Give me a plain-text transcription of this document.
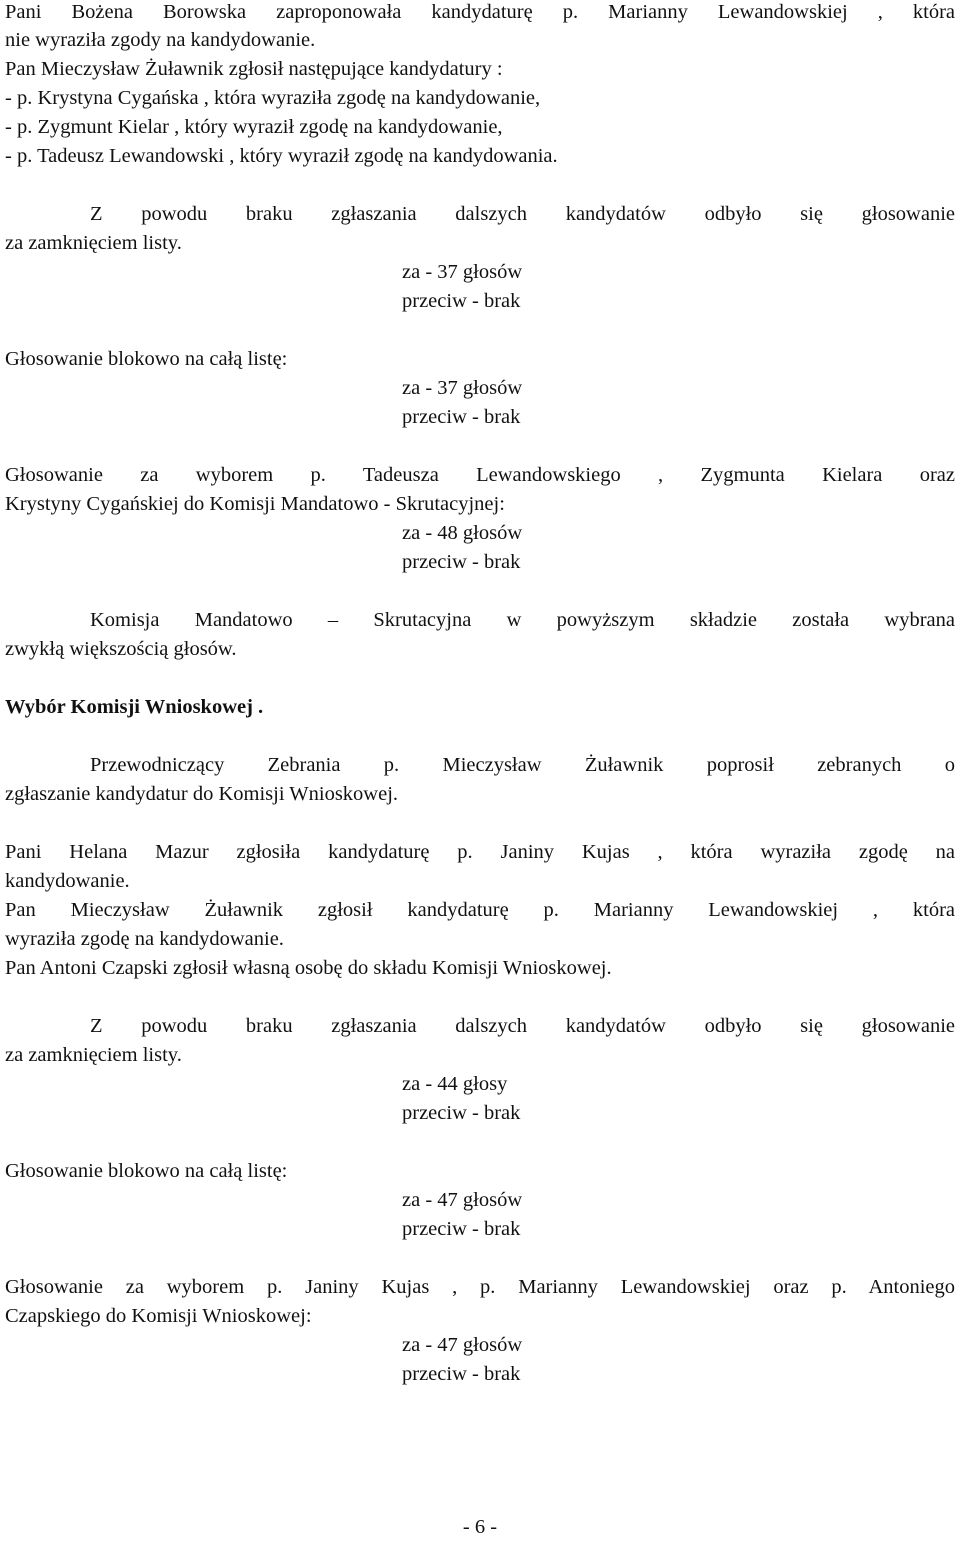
Pani Bożena Borowska zaproponowała kandydaturę p. Marianny Lewandowskiej , która
nie wyraziła zgody na kandydowanie.
Pan Mieczysław Żuławnik zgłosił następujące kandydatury :
- p. Krystyna Cygańska , która wyraziła zgodę na kandydowanie,
- p. Zygmunt Kielar , który wyraził zgodę na kandydowanie,
- p. Tadeusz Lewandowski , który wyraził zgodę na kandydowania.
Z powodu braku zgłaszania dalszych kandydatów odbyło się głosowanie
za zamknięciem listy.
za - 37 głosów
przeciw - brak
Głosowanie blokowo na całą listę:
za - 37 głosów
przeciw - brak
Głosowanie za wyborem p. Tadeusza Lewandowskiego , Zygmunta Kielara oraz
Krystyny Cygańskiej do Komisji Mandatowo - Skrutacyjnej:
za - 48 głosów
przeciw - brak
Komisja Mandatowo – Skrutacyjna w powyższym składzie została wybrana
zwykłą większością głosów.
Wybór Komisji Wnioskowej .
Przewodniczący Zebrania p. Mieczysław Żuławnik poprosił zebranych o
zgłaszanie kandydatur do Komisji Wnioskowej.
Pani Helana Mazur zgłosiła kandydaturę p. Janiny Kujas , która wyraziła zgodę na
kandydowanie.
Pan Mieczysław Żuławnik zgłosił kandydaturę p. Marianny Lewandowskiej , która
wyraziła zgodę na kandydowanie.
Pan Antoni Czapski zgłosił własną osobę do składu Komisji Wnioskowej.
Z powodu braku zgłaszania dalszych kandydatów odbyło się głosowanie
za zamknięciem listy.
za - 44 głosy
przeciw - brak
Głosowanie blokowo na całą listę:
za - 47 głosów
przeciw - brak
Głosowanie za wyborem p. Janiny Kujas , p. Marianny Lewandowskiej oraz p. Antoniego
Czapskiego do Komisji Wnioskowej:
za - 47 głosów
przeciw - brak
- 6 -
